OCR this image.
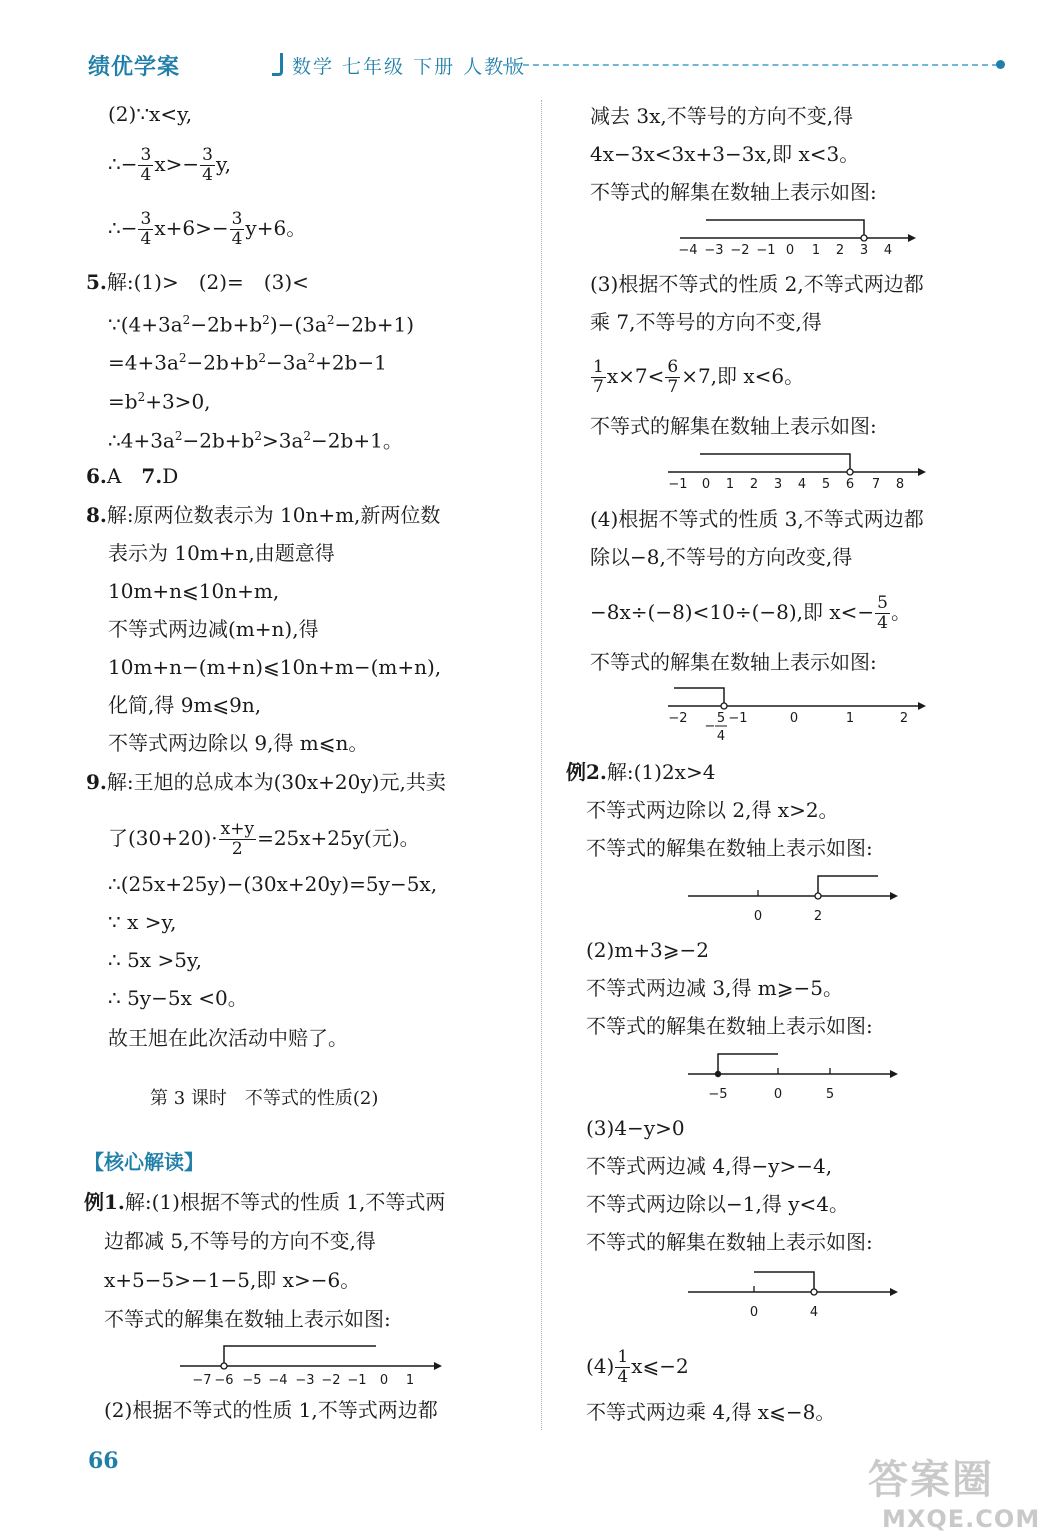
绩优学案	数学 七年级 下册 人教版
(2)∵x<y,
∴− $\frac{3}{4} x>- \frac{3}{4} y$,
∴− $\frac{3}{4} x+6>- \frac{3}{4} y+6$。
5.解:(1)>　(2)=　(3)<
$\because(4+3a^2-2b+b^2)-(3a^2-2b+1)$
$=4+3a^2-2b+b^2-3a^2+2b-1$
$=b^2+3>0$,
$\therefore 4+3a^2-2b+b^2>3a^2-2b+1$。
6.A　 7.D
8.解:原两位数表示为 10n+m,新两位数
表示为 10m+n,由题意得
10m+n⩽10n+m,
不等式两边减(m+n),得
10m+n−(m+n)⩽10n+m−(m+n),
化简,得 9m⩽9n,
不等式两边除以 9,得 m⩽n。
9.解:王旭的总成本为(30x+20y)元,共卖
了$(30+20)\cdot \frac{x+y}{2} =25x+25y$(元)。
∴(25x+25y)−(30x+20y)=5y−5x,
∵ x >y,
∴ 5x >5y,
∴ 5y−5x <0。
故王旭在此次活动中赔了。
第 3 课时　不等式的性质(2)
【核心解读】
例1.解:(1)根据不等式的性质 1,不等式两
边都减 5,不等号的方向不变,得
x+5−5>−1−5,即 x>−6。
不等式的解集在数轴上表示如图:
−7 −6 −5 −4 −3 −2 −1 0 1
(2)根据不等式的性质 1,不等式两边都
减去 3x,不等号的方向不变,得
4x−3x<3x+3−3x,即 x<3。
不等式的解集在数轴上表示如图:
−4 −3 −2 −1 0 1 2 3 4
(3)根据不等式的性质 2,不等式两边都
乘 7,不等号的方向不变,得
$\frac{1}{7} x\times 7< \frac{6}{7} \times 7$,即 x<6。
不等式的解集在数轴上表示如图:
−1 0 1 2 3 4 5 6 7 8
(4)根据不等式的性质 3,不等式两边都
除以−8,不等号的方向改变,得
−8x÷(−8)<10÷(−8),即 $x<- \frac{5}{4}$ 。
不等式的解集在数轴上表示如图:
−2	−1	0	1	2
−
5
4
例2.解:(1)2x>4
不等式两边除以 2,得 x>2。
不等式的解集在数轴上表示如图:
0	2
(2)m+3⩾−2
不等式两边减 3,得 m⩾−5。
不等式的解集在数轴上表示如图:
−5	0	5
(3)4−y>0
不等式两边减 4,得−y>−4,
不等式两边除以−1,得 y<4。
不等式的解集在数轴上表示如图:
0	4
$(4) \frac{1}{4}$ x⩽−2
不等式两边乘 4,得 x⩽−8。
66	答案圈
MXQE.COM
